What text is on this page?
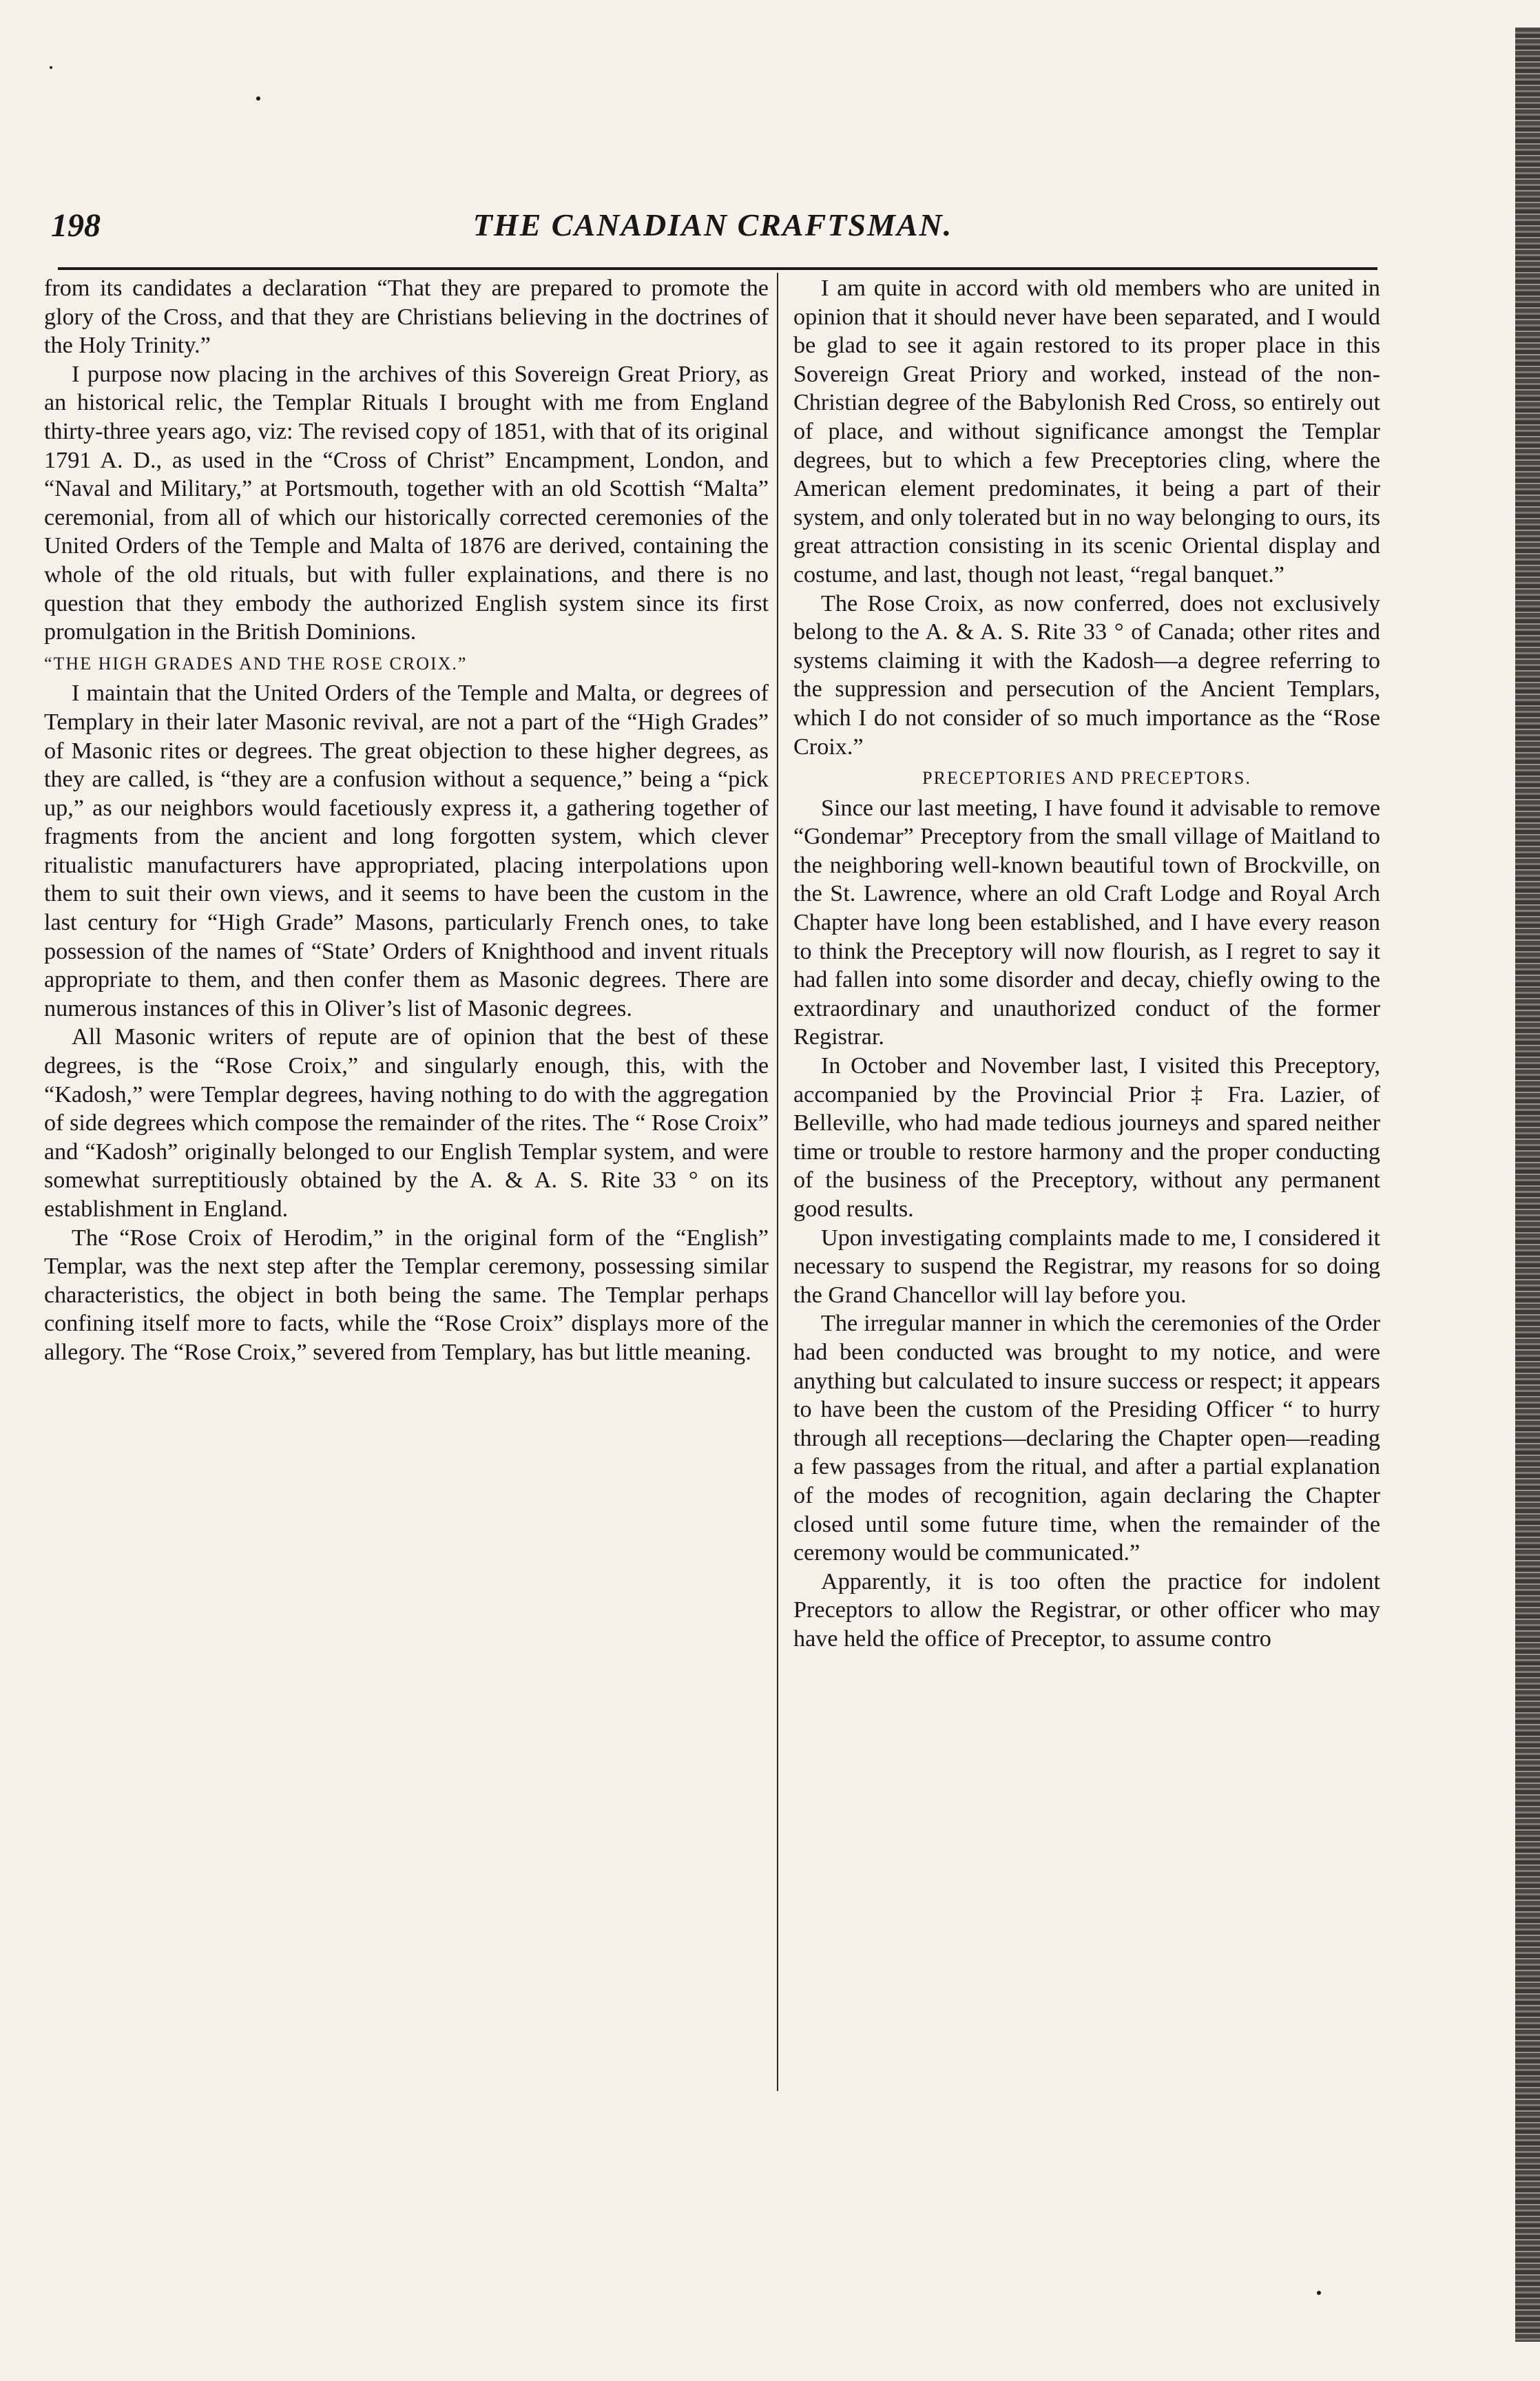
198	THE CANADIAN CRAFTSMAN.

from its candidates a declaration “That they are prepared to promote the glory of the Cross, and that they are Christians believing in the doctrines of the Holy Trinity.”

I purpose now placing in the archives of this Sovereign Great Priory, as an historical relic, the Templar Rituals I brought with me from England thirty-three years ago, viz: The revised copy of 1851, with that of its original 1791 A. D., as used in the “Cross of Christ” Encampment, London, and “Naval and Military,” at Portsmouth, together with an old Scottish “Malta” ceremonial, from all of which our historically corrected ceremonies of the United Orders of the Temple and Malta of 1876 are derived, containing the whole of the old rituals, but with fuller explainations, and there is no question that they embody the authorized English system since its first promulgation in the British Dominions.

“THE HIGH GRADES AND THE ROSE CROIX.”

I maintain that the United Orders of the Temple and Malta, or degrees of Templary in their later Masonic revival, are not a part of the “High Grades” of Masonic rites or degrees. The great objection to these higher degrees, as they are called, is “they are a confusion without a sequence,” being a “pick up,” as our neighbors would facetiously express it, a gathering together of fragments from the ancient and long forgotten system, which clever ritualistic manufacturers have appropriated, placing interpolations upon them to suit their own views, and it seems to have been the custom in the last century for “High Grade” Masons, particularly French ones, to take possession of the names of “State’ Orders of Knighthood and invent rituals appropriate to them, and then confer them as Masonic degrees. There are numerous instances of this in Oliver’s list of Masonic degrees.

All Masonic writers of repute are of opinion that the best of these degrees, is the “Rose Croix,” and singularly enough, this, with the “Kadosh,” were Templar degrees, having nothing to do with the aggregation of side degrees which compose the remainder of the rites. The “ Rose Croix” and “Kadosh” originally belonged to our English Templar system, and were somewhat surreptitiously obtained by the A. & A. S. Rite 33 ° on its establishment in England.

The “Rose Croix of Herodim,” in the original form of the “English” Templar, was the next step after the Templar ceremony, possessing similar characteristics, the object in both being the same. The Templar perhaps confining itself more to facts, while the “Rose Croix” displays more of the allegory. The “Rose Croix,” severed from Templary, has but little meaning.

I am quite in accord with old members who are united in opinion that it should never have been separated, and I would be glad to see it again restored to its proper place in this Sovereign Great Priory and worked, instead of the non-Christian degree of the Babylonish Red Cross, so entirely out of place, and without significance amongst the Templar degrees, but to which a few Preceptories cling, where the American element predominates, it being a part of their system, and only tolerated but in no way belonging to ours, its great attraction consisting in its scenic Oriental display and costume, and last, though not least, “regal banquet.”

The Rose Croix, as now conferred, does not exclusively belong to the A. & A. S. Rite 33 ° of Canada; other rites and systems claiming it with the Kadosh—a degree referring to the suppression and persecution of the Ancient Templars, which I do not consider of so much importance as the “Rose Croix.”

PRECEPTORIES AND PRECEPTORS.

Since our last meeting, I have found it advisable to remove “Gondemar” Preceptory from the small village of Maitland to the neighboring well-known beautiful town of Brockville, on the St. Lawrence, where an old Craft Lodge and Royal Arch Chapter have long been established, and I have every reason to think the Preceptory will now flourish, as I regret to say it had fallen into some disorder and decay, chiefly owing to the extraordinary and unauthorized conduct of the former Registrar.

In October and November last, I visited this Preceptory, accompanied by the Provincial Prior ‡ Fra. Lazier, of Belleville, who had made tedious journeys and spared neither time or trouble to restore harmony and the proper conducting of the business of the Preceptory, without any permanent good results.

Upon investigating complaints made to me, I considered it necessary to suspend the Registrar, my reasons for so doing the Grand Chancellor will lay before you.

The irregular manner in which the ceremonies of the Order had been conducted was brought to my notice, and were anything but calculated to insure success or respect; it appears to have been the custom of the Presiding Officer “ to hurry through all receptions—declaring the Chapter open—reading a few passages from the ritual, and after a partial explanation of the modes of recognition, again declaring the Chapter closed until some future time, when the remainder of the ceremony would be communicated.”

Apparently, it is too often the practice for indolent Preceptors to allow the Registrar, or other officer who may have held the office of Preceptor, to assume contro
